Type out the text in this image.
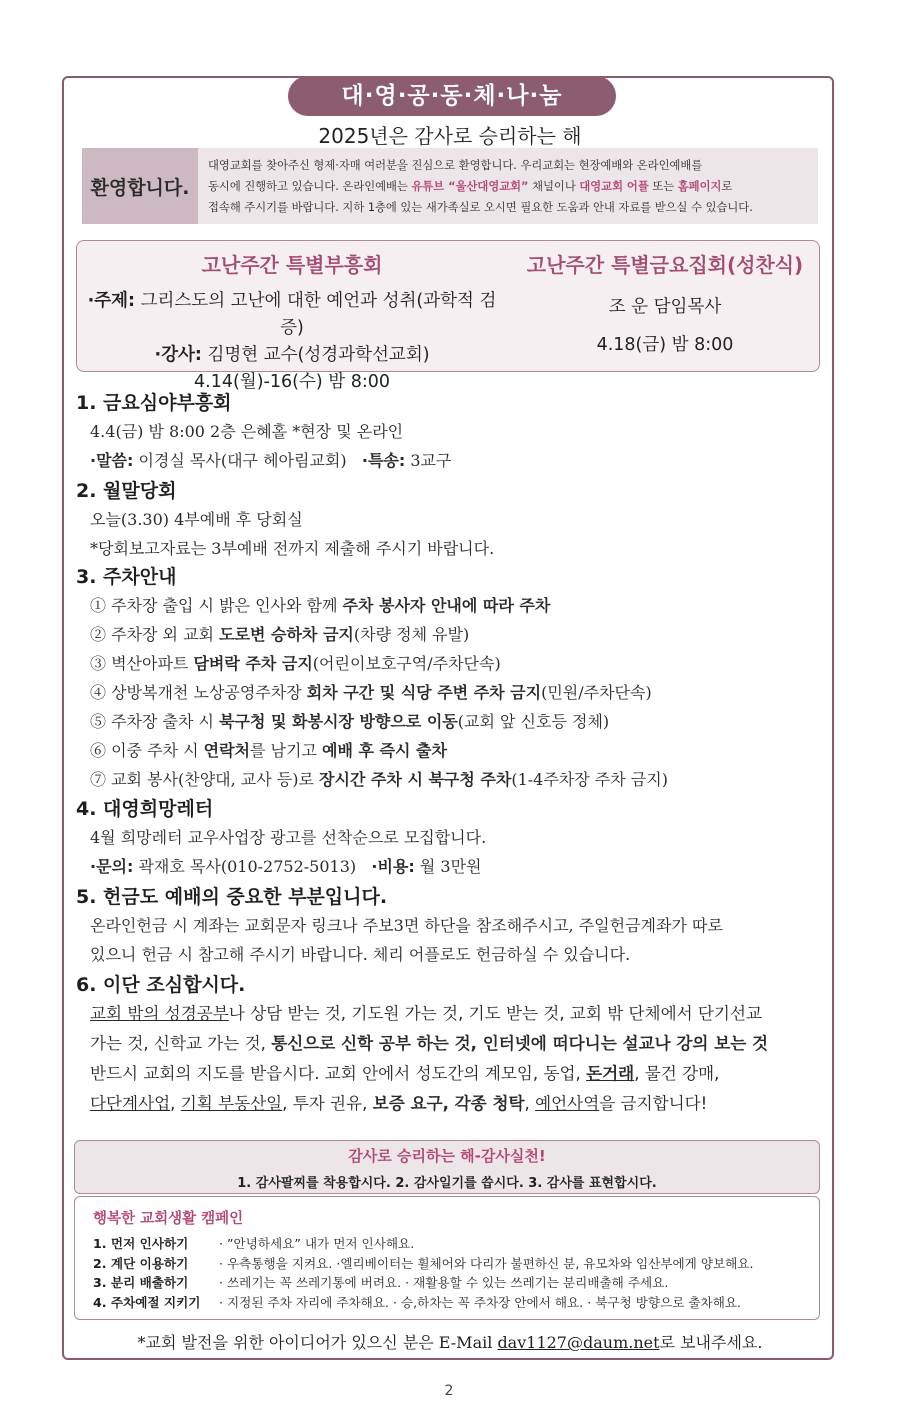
대·영·공·동·체·나·눔
2025년은 감사로 승리하는 해
환영합니다.
대영교회를 찾아주신 형제·자매 여러분을 진심으로 환영합니다. 우리교회는 현장예배와 온라인예배를
동시에 진행하고 있습니다. 온라인예배는 유튜브 “울산대영교회” 채널이나 대영교회 어플 또는 홈페이지로
접속해 주시기를 바랍니다. 지하 1층에 있는 새가족실로 오시면 필요한 도움과 안내 자료를 받으실 수 있습니다.
고난주간 특별부흥회
·주제: 그리스도의 고난에 대한 예언과 성취(과학적 검증)
·강사: 김명현 교수(성경과학선교회)
4.14(월)-16(수) 밤 8:00
고난주간 특별금요집회(성찬식)
조 운 담임목사
4.18(금) 밤 8:00
1. 금요심야부흥회
4.4(금) 밤 8:00 2층 은혜홀 *현장 및 온라인
·말씀: 이경실 목사(대구 헤아림교회) ·특송: 3교구
2. 월말당회
오늘(3.30) 4부예배 후 당회실
*당회보고자료는 3부예배 전까지 제출해 주시기 바랍니다.
3. 주차안내
① 주차장 출입 시 밝은 인사와 함께 주차 봉사자 안내에 따라 주차
② 주차장 외 교회 도로변 승하차 금지(차량 정체 유발)
③ 벽산아파트 담벼락 주차 금지(어린이보호구역/주차단속)
④ 상방복개천 노상공영주차장 회차 구간 및 식당 주변 주차 금지(민원/주차단속)
⑤ 주차장 출차 시 북구청 및 화봉시장 방향으로 이동(교회 앞 신호등 정체)
⑥ 이중 주차 시 연락처를 남기고 예배 후 즉시 출차
⑦ 교회 봉사(찬양대, 교사 등)로 장시간 주차 시 북구청 주차(1-4주차장 주차 금지)
4. 대영희망레터
4월 희망레터 교우사업장 광고를 선착순으로 모집합니다.
·문의: 곽재호 목사(010-2752-5013) ·비용: 월 3만원
5. 헌금도 예배의 중요한 부분입니다.
온라인헌금 시 계좌는 교회문자 링크나 주보3면 하단을 참조해주시고, 주일헌금계좌가 따로
있으니 헌금 시 참고해 주시기 바랍니다. 체리 어플로도 헌금하실 수 있습니다.
6. 이단 조심합시다.
교회 밖의 성경공부나 상담 받는 것, 기도원 가는 것, 기도 받는 것, 교회 밖 단체에서 단기선교
가는 것, 신학교 가는 것, 통신으로 신학 공부 하는 것, 인터넷에 떠다니는 설교나 강의 보는 것
반드시 교회의 지도를 받읍시다. 교회 안에서 성도간의 계모임, 동업, 돈거래, 물건 강매,
다단계사업, 기획 부동산일, 투자 권유, 보증 요구, 각종 청탁, 예언사역을 금지합니다!
감사로 승리하는 해-감사실천!
1. 감사팔찌를 착용합시다. 2. 감사일기를 씁시다. 3. 감사를 표현합시다.
행복한 교회생활 캠페인
1. 먼저 인사하기	· ”안녕하세요” 내가 먼저 인사해요.
2. 계단 이용하기	· 우측통행을 지켜요. ·엘리베이터는 휠체어와 다리가 불편하신 분, 유모차와 임산부에게 양보해요.
3. 분리 배출하기	· 쓰레기는 꼭 쓰레기통에 버려요. · 재활용할 수 있는 쓰레기는 분리배출해 주세요.
4. 주차예절 지키기	· 지정된 주차 자리에 주차해요. · 승,하차는 꼭 주차장 안에서 해요. · 북구청 방향으로 출차해요.
*교회 발전을 위한 아이디어가 있으신 분은 E-Mail dav1127@daum.net로 보내주세요.
2
